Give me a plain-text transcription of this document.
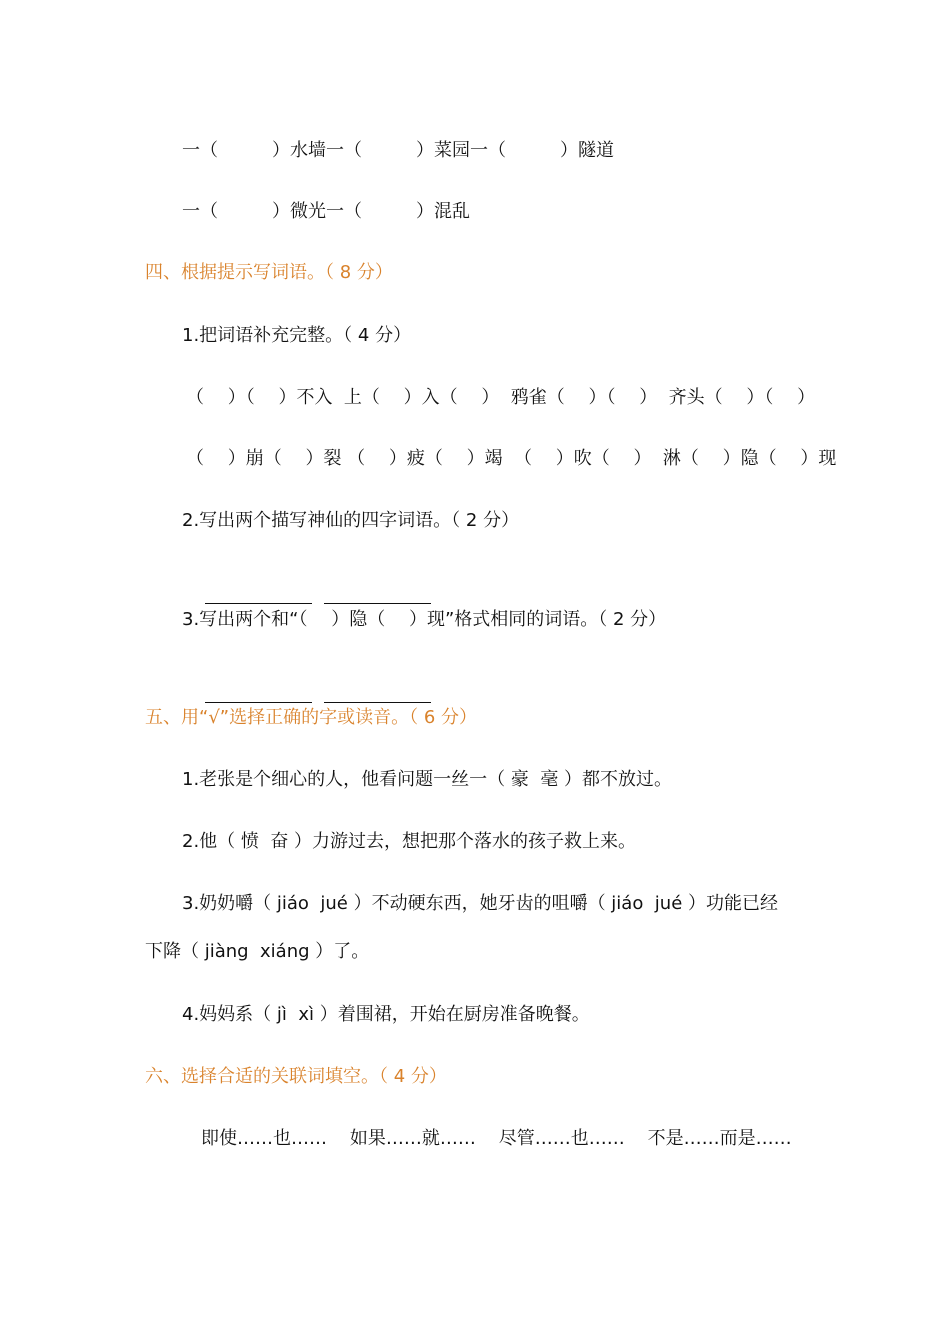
一（　　　）水墙一（　　　）菜园一（　　　）隧道
一（　　　）微光一（　　　）混乱
四、根据提示写词语。（ 8 分）
1.把词语补充完整。（ 4 分）
（　 ）（　 ）不入  上（　 ）入（　 ）  鸦雀（　 ）（　 ）  齐头（　 ）（　 ）
（　 ）崩（　 ）裂 （　 ）疲（　 ）竭  （　 ）吹（　 ）  淋（　 ）隐（　 ）现
2.写出两个描写神仙的四字词语。（ 2 分）

3.写出两个和“（　 ）隐（　 ）现”格式相同的词语。（ 2 分）

五、用“√”选择正确的字或读音。（ 6 分）
1.老张是个细心的人，他看问题一丝一（ 豪  毫 ）都不放过。
2.他（ 愤  奋 ）力游过去，想把那个落水的孩子救上来。
3.奶奶嚼（ jiáo  jué ）不动硬东西，她牙齿的咀嚼（ jiáo  jué ）功能已经
下降（ jiàng  xiáng ）了。
4.妈妈系（ jì  xì ）着围裙，开始在厨房准备晚餐。
六、选择合适的关联词填空。（ 4 分）
即使……也……    如果……就……    尽管……也……    不是……而是……
